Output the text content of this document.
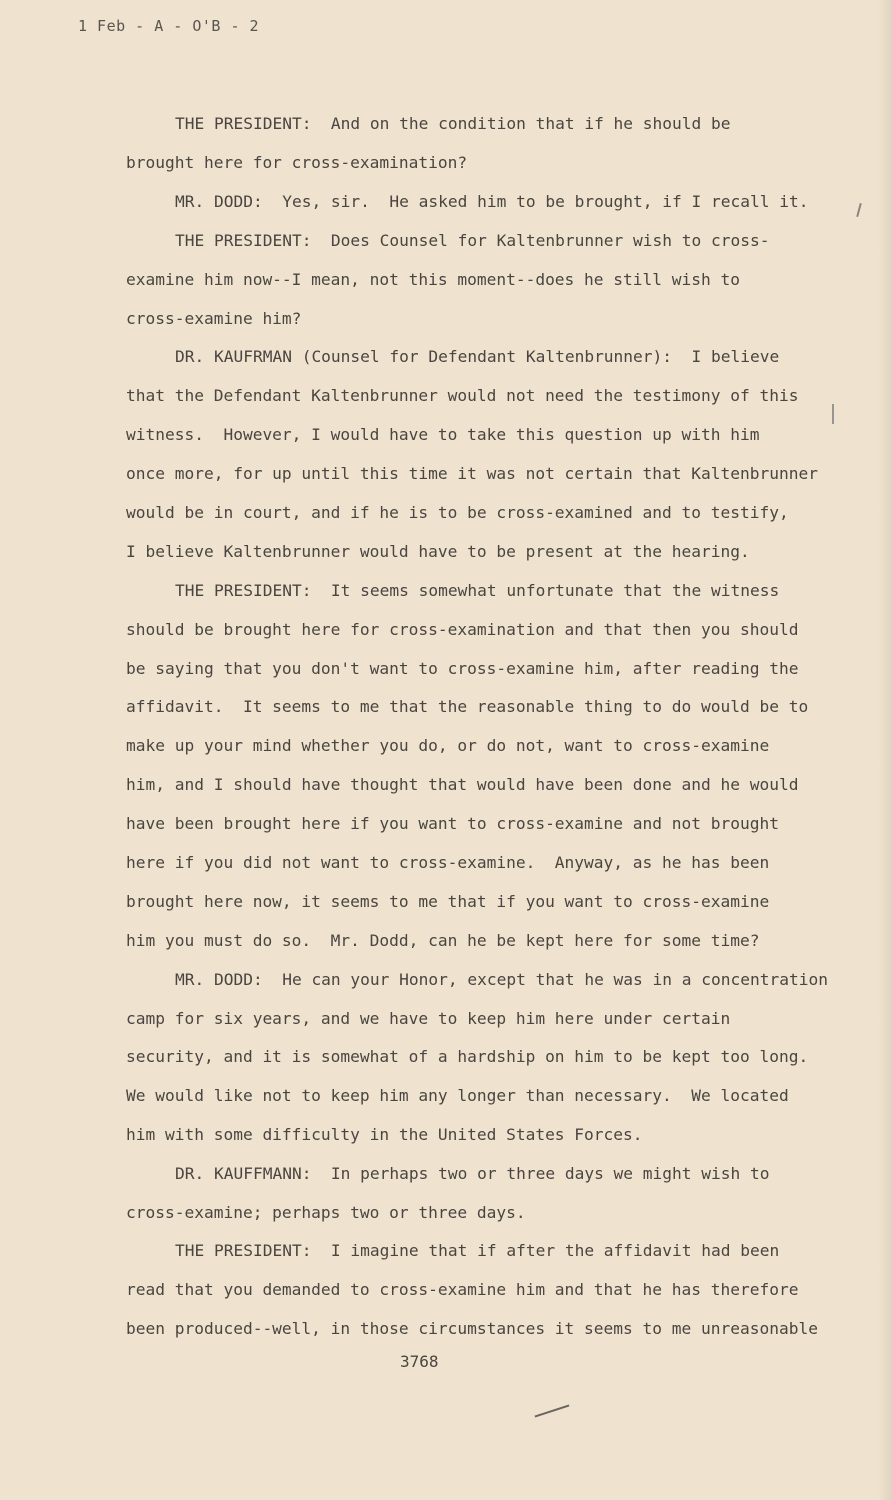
1 Feb - A - O'B - 2
THE PRESIDENT:  And on the condition that if he should be
brought here for cross-examination?
MR. DODD:  Yes, sir.  He asked him to be brought, if I recall it.
THE PRESIDENT:  Does Counsel for Kaltenbrunner wish to cross-
examine him now--I mean, not this moment--does he still wish to
cross-examine him?
DR. KAUFRMAN (Counsel for Defendant Kaltenbrunner):  I believe
that the Defendant Kaltenbrunner would not need the testimony of this
witness.  However, I would have to take this question up with him
once more, for up until this time it was not certain that Kaltenbrunner
would be in court, and if he is to be cross-examined and to testify,
I believe Kaltenbrunner would have to be present at the hearing.
THE PRESIDENT:  It seems somewhat unfortunate that the witness
should be brought here for cross-examination and that then you should
be saying that you don't want to cross-examine him, after reading the
affidavit.  It seems to me that the reasonable thing to do would be to
make up your mind whether you do, or do not, want to cross-examine
him, and I should have thought that would have been done and he would
have been brought here if you want to cross-examine and not brought
here if you did not want to cross-examine.  Anyway, as he has been
brought here now, it seems to me that if you want to cross-examine
him you must do so.  Mr. Dodd, can he be kept here for some time?
MR. DODD:  He can your Honor, except that he was in a concentration
camp for six years, and we have to keep him here under certain
security, and it is somewhat of a hardship on him to be kept too long.
We would like not to keep him any longer than necessary.  We located
him with some difficulty in the United States Forces.
DR. KAUFFMANN:  In perhaps two or three days we might wish to
cross-examine; perhaps two or three days.
THE PRESIDENT:  I imagine that if after the affidavit had been
read that you demanded to cross-examine him and that he has therefore
been produced--well, in those circumstances it seems to me unreasonable
3768
